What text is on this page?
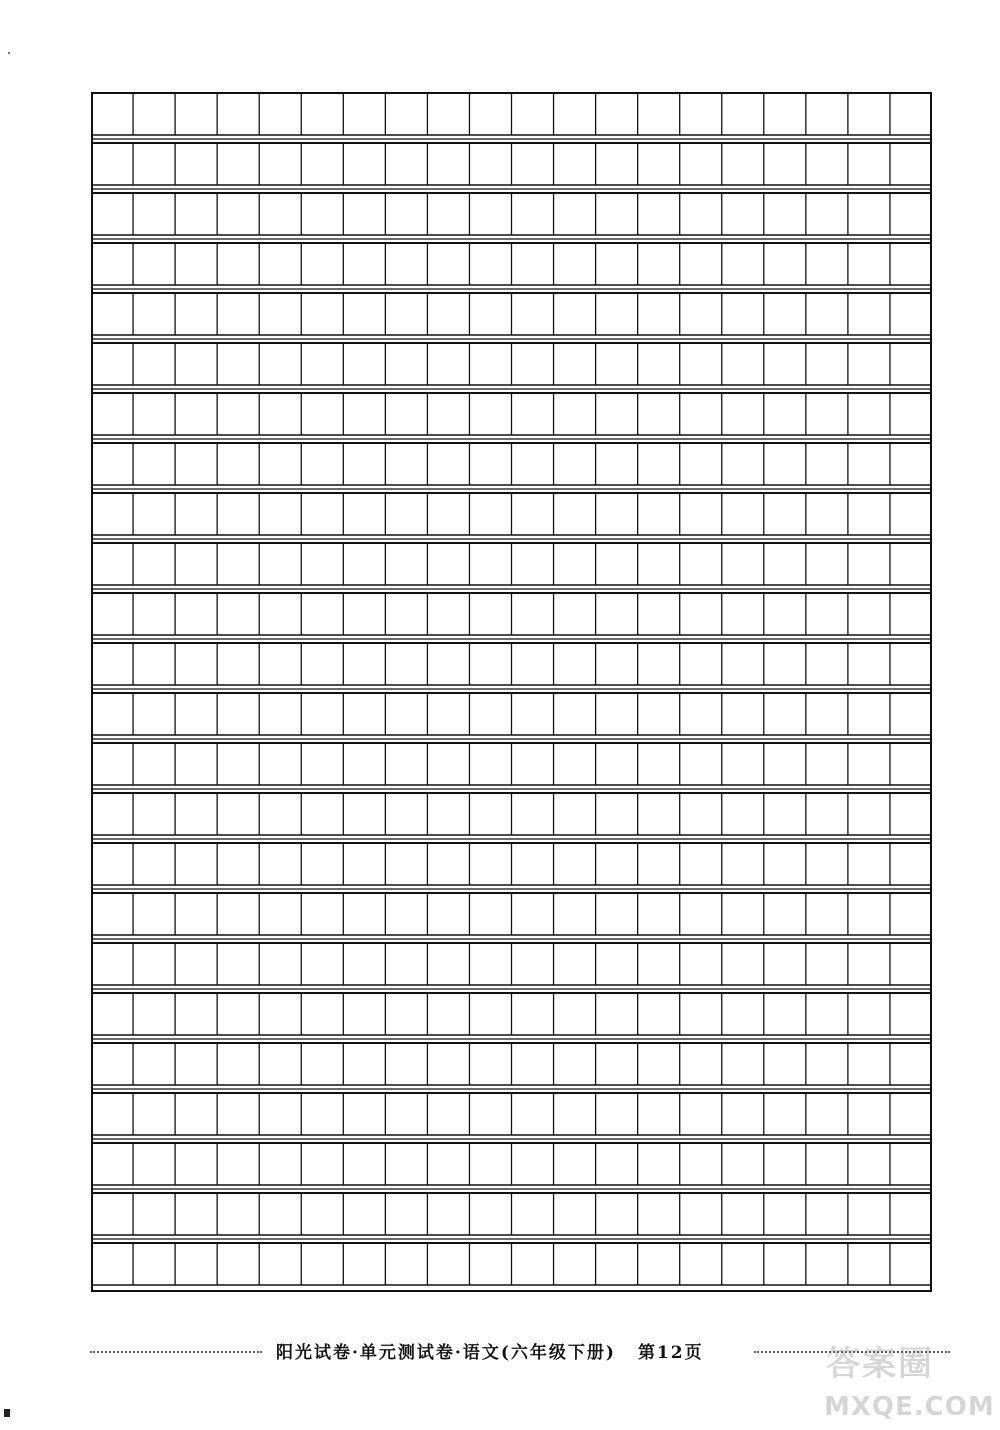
阳光试卷·单元测试卷·语文(六年级下册) 第12页	答案圈
MXQE.COM
